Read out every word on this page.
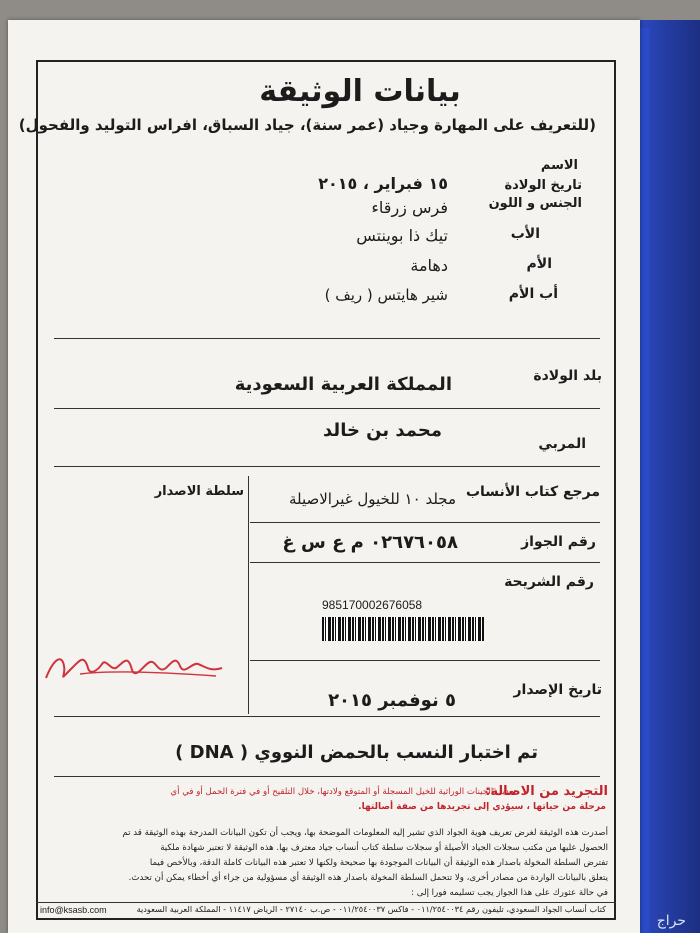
بيانات الوثيقة
(للتعريف على المهارة وجياد (عمر سنة)، جياد السباق، افراس التوليد والفحول)
الاسم
تاريخ الولادة
الجنس و اللون
الأب
الأم
أب الأم
١٥ فبراير ، ٢٠١٥
فرس زرقاء
تيك ذا بوينتس
دهامة
شير هايتس ( ريف )
بلد الولادة
المملكة العربية السعودية
المربي
محمد بن خالد
مرجع كتاب الأنساب
مجلد ١٠ للخيول غيرالاصيلة
سلطة الاصدار
رقم الجواز
٠٢٦٧٦٠٥٨ م ع س غ
رقم الشريحة
985170002676058
تاريخ الإصدار
٥ نوفمبر ٢٠١٥
تم اختبار النسب بالحمض النووي ( DNA )
التجريد من الاصالة:
تعديل الجينات الوراثية للخيل المسجلة أو المتوقع ولادتها، خلال التلقيح أو في فترة الحمل أو في أي
مرحلة من حياتها ، سيؤدي إلى تجريدها من صفة أصالتها.
أصدرت هذه الوثيقة لغرض تعريف هوية الجواد الذي تشير إليه المعلومات الموضحة بها، ويجب أن تكون البيانات المدرجة بهذه الوثيقة قد تم
الحصول عليها من مكتب سجلات الجياد الأصيلة أو سجلات سلطة كتاب أنساب جياد معترف بها. هذه الوثيقة لا تعتبر شهادة ملكية
تفترض السلطة المخولة باصدار هذه الوثيقة أن البيانات الموجودة بها صحيحة ولكنها لا تعتبر هذه البيانات كاملة الدقة، وبالأخص فيما
يتعلق بالبيانات الواردة من مصادر أخرى، ولا تتحمل السلطة المخولة باصدار هذه الوثيقة أي مسؤولية من جراء أي أخطاء يمكن أن تحدث.
في حالة عثورك على هذا الجواز يجب تسليمه فورا إلى :
كتاب أنساب الجواد السعودي، تليفون رقم ٠١١/٢٥٤٠٠٣٤ - فاكس ٠١١/٢٥٤٠٠٣٧ - ص.ب ٢٧١٤٠ - الرياض ١١٤١٧ - المملكة العربية السعودية
info@ksasb.com
حراج
